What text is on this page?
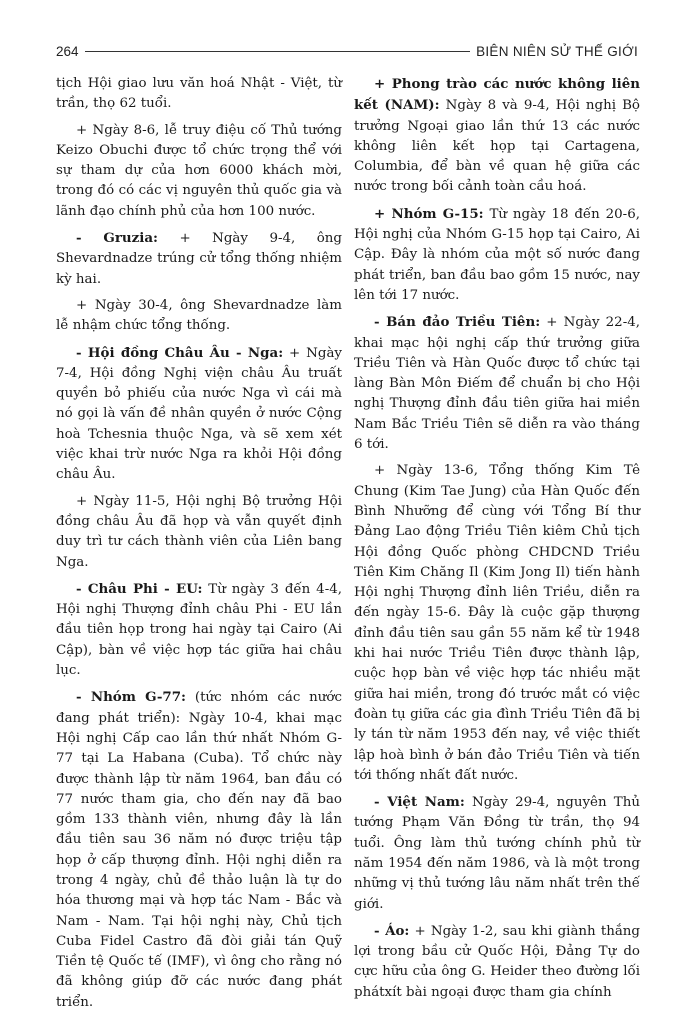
264	BIÊN NIÊN SỬ THẾ GIỚI

tịch Hội giao lưu văn hoá Nhật - Việt, từ trần, thọ 62 tuổi.

+ Ngày 8-6, lễ truy điệu cố Thủ tướng Keizo Obuchi được tổ chức trọng thể với sự tham dự của hơn 6000 khách mời, trong đó có các vị nguyên thủ quốc gia và lãnh đạo chính phủ của hơn 100 nước.

- Gruzia: + Ngày 9-4, ông Shevardnadze trúng cử tổng thống nhiệm kỳ hai.

+ Ngày 30-4, ông Shevardnadze làm lễ nhậm chức tổng thống.

- Hội đồng Châu Âu - Nga: + Ngày 7-4, Hội đồng Nghị viện châu Âu truất quyền bỏ phiếu của nước Nga vì cái mà nó gọi là vấn đề nhân quyền ở nước Cộng hoà Tchesnia thuộc Nga, và sẽ xem xét việc khai trừ nước Nga ra khỏi Hội đồng châu Âu.

+ Ngày 11-5, Hội nghị Bộ trưởng Hội đồng châu Âu đã họp và vẫn quyết định duy trì tư cách thành viên của Liên bang Nga.

- Châu Phi - EU: Từ ngày 3 đến 4-4, Hội nghị Thượng đỉnh châu Phi - EU lần đầu tiên họp trong hai ngày tại Cairo (Ai Cập), bàn về việc hợp tác giữa hai châu lục.

- Nhóm G-77: (tức nhóm các nước đang phát triển): Ngày 10-4, khai mạc Hội nghị Cấp cao lần thứ nhất Nhóm G-77 tại La Habana (Cuba). Tổ chức này được thành lập từ năm 1964, ban đầu có 77 nước tham gia, cho đến nay đã bao gồm 133 thành viên, nhưng đây là lần đầu tiên sau 36 năm nó được triệu tập họp ở cấp thượng đỉnh. Hội nghị diễn ra trong 4 ngày, chủ đề thảo luận là tự do hóa thương mại và hợp tác Nam - Bắc và Nam - Nam. Tại hội nghị này, Chủ tịch Cuba Fidel Castro đã đòi giải tán Quỹ Tiền tệ Quốc tế (IMF), vì ông cho rằng nó đã không giúp đỡ các nước đang phát triển.

+ Phong trào các nước không liên kết (NAM): Ngày 8 và 9-4, Hội nghị Bộ trưởng Ngoại giao lần thứ 13 các nước không liên kết họp tại Cartagena, Columbia, để bàn về quan hệ giữa các nước trong bối cảnh toàn cầu hoá.

+ Nhóm G-15: Từ ngày 18 đến 20-6, Hội nghị của Nhóm G-15 họp tại Cairo, Ai Cập. Đây là nhóm của một số nước đang phát triển, ban đầu bao gồm 15 nước, nay lên tới 17 nước.

- Bán đảo Triều Tiên: + Ngày 22-4, khai mạc hội nghị cấp thứ trưởng giữa Triều Tiên và Hàn Quốc được tổ chức tại làng Bàn Môn Điếm để chuẩn bị cho Hội nghị Thượng đỉnh đầu tiên giữa hai miền Nam Bắc Triều Tiên sẽ diễn ra vào tháng 6 tới.

+ Ngày 13-6, Tổng thống Kim Tê Chung (Kim Tae Jung) của Hàn Quốc đến Bình Nhưỡng để cùng với Tổng Bí thư Đảng Lao động Triều Tiên kiêm Chủ tịch Hội đồng Quốc phòng CHDCND Triều Tiên Kim Chăng Il (Kim Jong Il) tiến hành Hội nghị Thượng đỉnh liên Triều, diễn ra đến ngày 15-6. Đây là cuộc gặp thượng đỉnh đầu tiên sau gần 55 năm kể từ 1948 khi hai nước Triều Tiên được thành lập, cuộc họp bàn về việc hợp tác nhiều mặt giữa hai miền, trong đó trước mắt có việc đoàn tụ giữa các gia đình Triều Tiên đã bị ly tán từ năm 1953 đến nay, về việc thiết lập hoà bình ở bán đảo Triều Tiên và tiến tới thống nhất đất nước.

- Việt Nam: Ngày 29-4, nguyên Thủ tướng Phạm Văn Đồng từ trần, thọ 94 tuổi. Ông làm thủ tướng chính phủ từ năm 1954 đến năm 1986, và là một trong những vị thủ tướng lâu năm nhất trên thế giới.

- Áo: + Ngày 1-2, sau khi giành thắng lợi trong bầu cử Quốc Hội, Đảng Tự do cực hữu của ông G. Heider theo đường lối phátxít bài ngoại được tham gia chính
